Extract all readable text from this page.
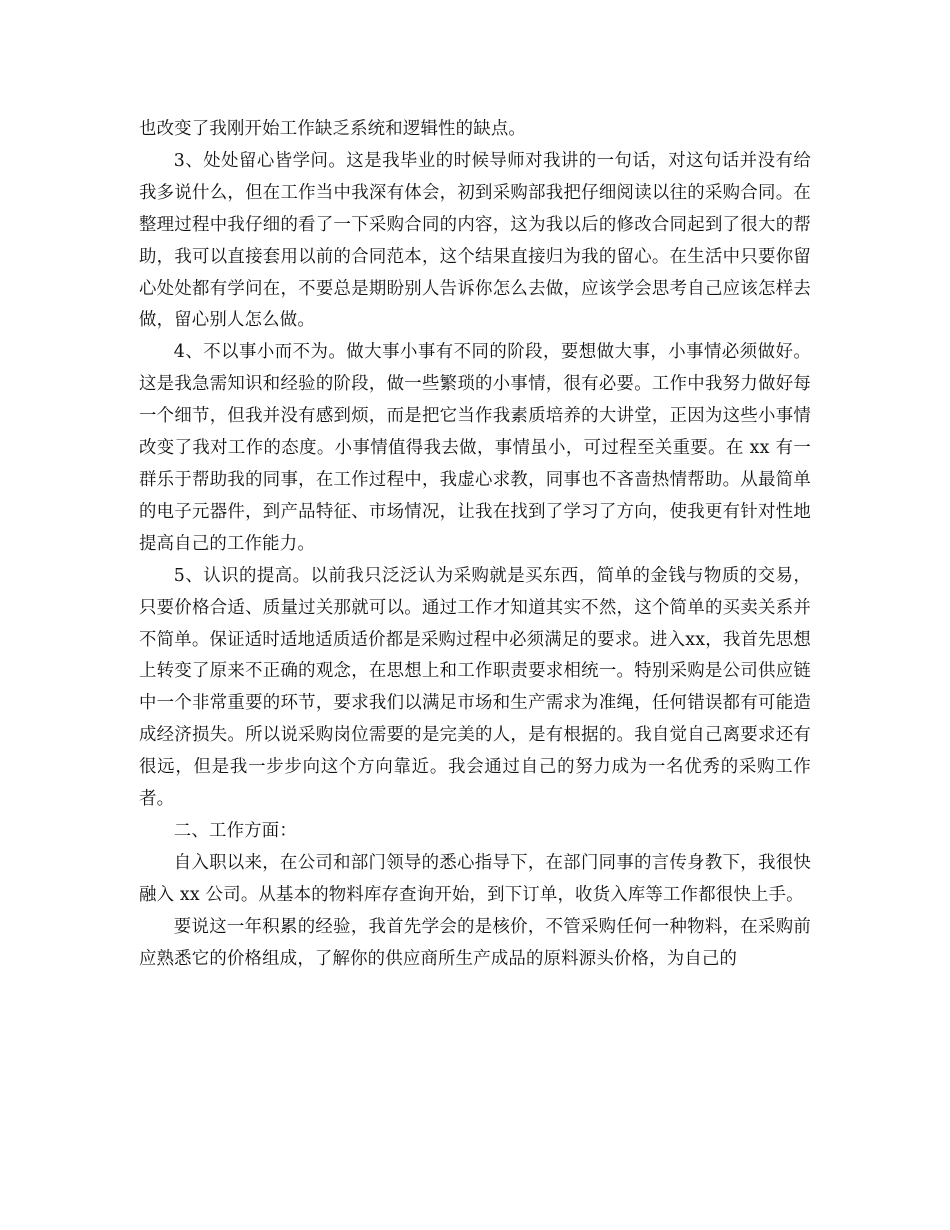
也改变了我刚开始工作缺乏系统和逻辑性的缺点。

3、处处留心皆学问。这是我毕业的时候导师对我讲的一句话，对这句话并没有给我多说什么，但在工作当中我深有体会，初到采购部我把仔细阅读以往的采购合同。在整理过程中我仔细的看了一下采购合同的内容，这为我以后的修改合同起到了很大的帮助，我可以直接套用以前的合同范本，这个结果直接归为我的留心。在生活中只要你留心处处都有学问在，不要总是期盼别人告诉你怎么去做，应该学会思考自己应该怎样去做，留心别人怎么做。

4、不以事小而不为。做大事小事有不同的阶段，要想做大事，小事情必须做好。这是我急需知识和经验的阶段，做一些繁琐的小事情，很有必要。工作中我努力做好每一个细节，但我并没有感到烦，而是把它当作我素质培养的大讲堂，正因为这些小事情改变了我对工作的态度。小事情值得我去做，事情虽小，可过程至关重要。在 xx 有一群乐于帮助我的同事，在工作过程中，我虚心求教，同事也不吝啬热情帮助。从最简单的电子元器件，到产品特征、市场情况，让我在找到了学习了方向，使我更有针对性地提高自己的工作能力。

5、认识的提高。以前我只泛泛认为采购就是买东西，简单的金钱与物质的交易，只要价格合适、质量过关那就可以。通过工作才知道其实不然，这个简单的买卖关系并不简单。保证适时适地适质适价都是采购过程中必须满足的要求。进入xx，我首先思想上转变了原来不正确的观念，在思想上和工作职责要求相统一。特别采购是公司供应链中一个非常重要的环节，要求我们以满足市场和生产需求为准绳，任何错误都有可能造成经济损失。所以说采购岗位需要的是完美的人，是有根据的。我自觉自己离要求还有很远，但是我一步步向这个方向靠近。我会通过自己的努力成为一名优秀的采购工作者。

二、工作方面：

自入职以来，在公司和部门领导的悉心指导下，在部门同事的言传身教下，我很快融入 xx 公司。从基本的物料库存查询开始，到下订单，收货入库等工作都很快上手。

要说这一年积累的经验，我首先学会的是核价，不管采购任何一种物料，在采购前应熟悉它的价格组成，了解你的供应商所生产成品的原料源头价格，为自己的
